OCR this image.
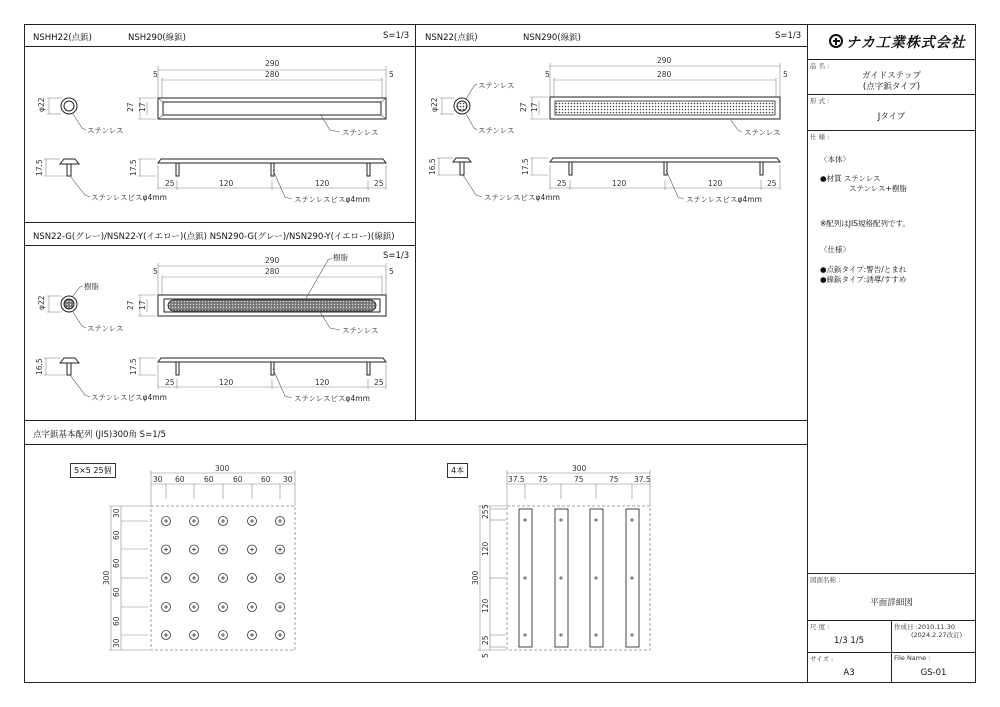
NSHH22(点鋲)	NSH290(線鋲)	S=1/3
290
280
5	5
27 17
φ22
17.5	17.5
25	120	120	25
ステンレス	ステンレス
ステンレスビスφ4mm	ステンレスビスφ4mm
NSN22(点鋲)	NSN290(線鋲)	S=1/3
290
280
5	5
27 17
φ22
16.5	17.5
25	120	120	25
ステンレス
ステンレス	ステンレス
ステンレスビスφ4mm	ステンレスビスφ4mm
NSN22-G(グレー)/NSN22-Y(イエロー)(点鋲) NSN290-G(グレー)/NSN290-Y(イエロー)(線鋲)
S=1/3
290
280
5	5
27 17
φ22
16.5	17.5
25	120	120	25
樹脂
樹脂
ステンレス	ステンレス
ステンレスビスφ4mm	ステンレスビスφ4mm
点字鋲基本配列 (JIS)300角 S=1/5
5×5 25個	4本
300
30 60	60	60 60 30
300
30
60
60
60
60
30
300
37.5 75	75	75 37.5
300
5
25
120
120
25
5
ナカ工業株式会社
品 名 :
ガイドステップ
(点字鋲タイプ)
形 式 :
Jタイプ
仕 様 :
〈本体〉
●材質 ステンレス
ステンレス+樹脂
※配列はJIS規格配列です。
〈仕様〉
●点鋲タイプ:警告/とまれ
●線鋲タイプ:誘導/すすめ
図面名称 :
平面詳細図
尺 度 :
1/3 1/5
作成日 :2010.11.30
(2024.2.27改訂)
サイズ :
A3
File Name :
GS-01
